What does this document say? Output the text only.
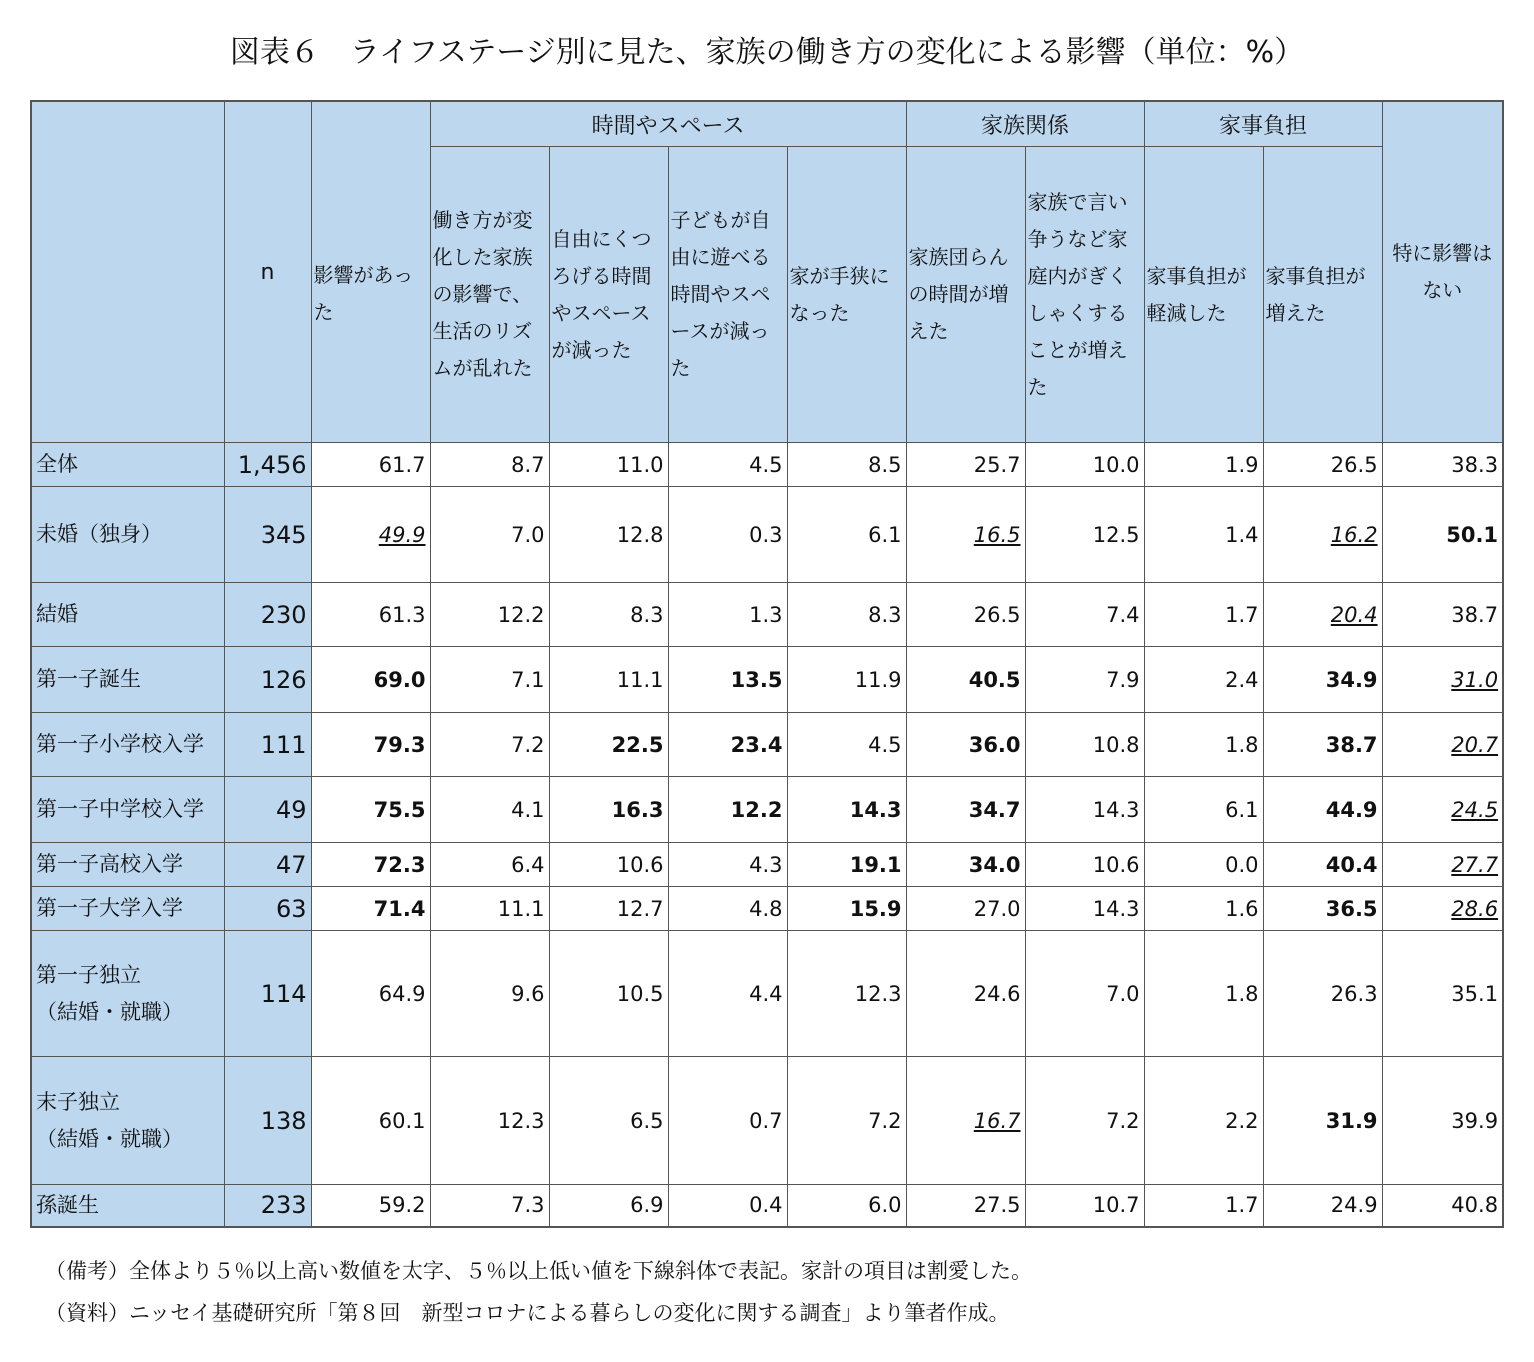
図表６　ライフステージ別に見た、家族の働き方の変化による影響（単位：%）
	n		時間やスペース				家族関係		家事負担		特に影響はない

		影響があった	働き方が変化した家族の影響で、生活のリズムが乱れた	自由にくつろげる時間やスペースが減った	子どもが自由に遊べる時間やスペースが減った	家が手狭になった	家族団らんの時間が増えた	家族で言い争うなど家庭内がぎくしゃくすることが増えた	家事負担が軽減した	家事負担が増えた	

全体	1,456	61.7	8.7	11.0	4.5	8.5	25.7	10.0	1.9	26.5	38.3

未婚（独身）	345	49.9	7.0	12.8	0.3	6.1	16.5	12.5	1.4	16.2	50.1

結婚	230	61.3	12.2	8.3	1.3	8.3	26.5	7.4	1.7	20.4	38.7

第一子誕生	126	69.0	7.1	11.1	13.5	11.9	40.5	7.9	2.4	34.9	31.0

第一子小学校入学	111	79.3	7.2	22.5	23.4	4.5	36.0	10.8	1.8	38.7	20.7

第一子中学校入学	49	75.5	4.1	16.3	12.2	14.3	34.7	14.3	6.1	44.9	24.5

第一子高校入学	47	72.3	6.4	10.6	4.3	19.1	34.0	10.6	0.0	40.4	27.7

第一子大学入学	63	71.4	11.1	12.7	4.8	15.9	27.0	14.3	1.6	36.5	28.6

第一子独立
（結婚・就職）	114	64.9	9.6	10.5	4.4	12.3	24.6	7.0	1.8	26.3	35.1

末子独立
（結婚・就職）	138	60.1	12.3	6.5	0.7	7.2	16.7	7.2	2.2	31.9	39.9

孫誕生	233	59.2	7.3	6.9	0.4	6.0	27.5	10.7	1.7	24.9	40.8
（備考）全体より５％以上高い数値を太字、５％以上低い値を下線斜体で表記。家計の項目は割愛した。
（資料）ニッセイ基礎研究所「第８回　新型コロナによる暮らしの変化に関する調査」より筆者作成。
